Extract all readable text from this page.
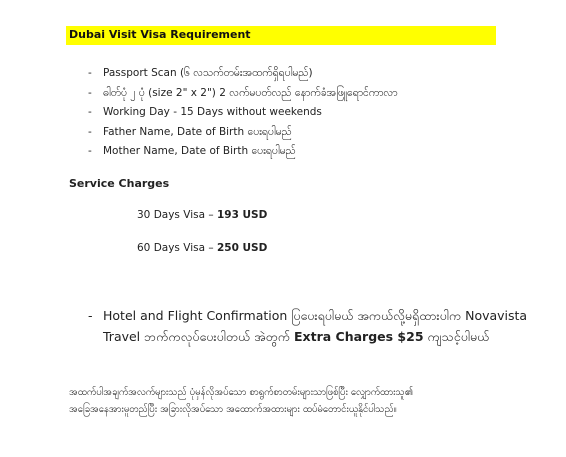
Dubai Visit Visa Requirement
- Passport Scan (၆ လသက်တမ်းအထက်ရှိရပါမည်)
- ဓါတ်ပုံ ၂ ပုံ (size 2" x 2") 2 လက်မပတ်လည် နောက်ခံအဖြူရောင်ကာလာ
- Working Day - 15 Days without weekends
- Father Name, Date of Birth ပေးရပါမည်
- Mother Name, Date of Birth ပေးရပါမည်
Service Charges
30 Days Visa – 193 USD
60 Days Visa – 250 USD
- Hotel and Flight Confirmation ပြပေးရပါမယ် အကယ်လို့မရှိထားပါက Novavista
Travel ဘက်ကလုပ်ပေးပါတယ် အဲတွက် Extra Charges $25 ကျသင့်ပါမယ်
အထက်ပါအချက်အလက်များသည် ပုံမှန်လိုအပ်သော စာရွက်စာတမ်းများသာဖြစ်ပြီး လျှောက်ထားသူ၏
အခြေအနေအားမူတည်ပြီး အခြားလိုအပ်သော အထောက်အထားများ ထပ်မံတောင်းယူနိုင်ပါသည်။
